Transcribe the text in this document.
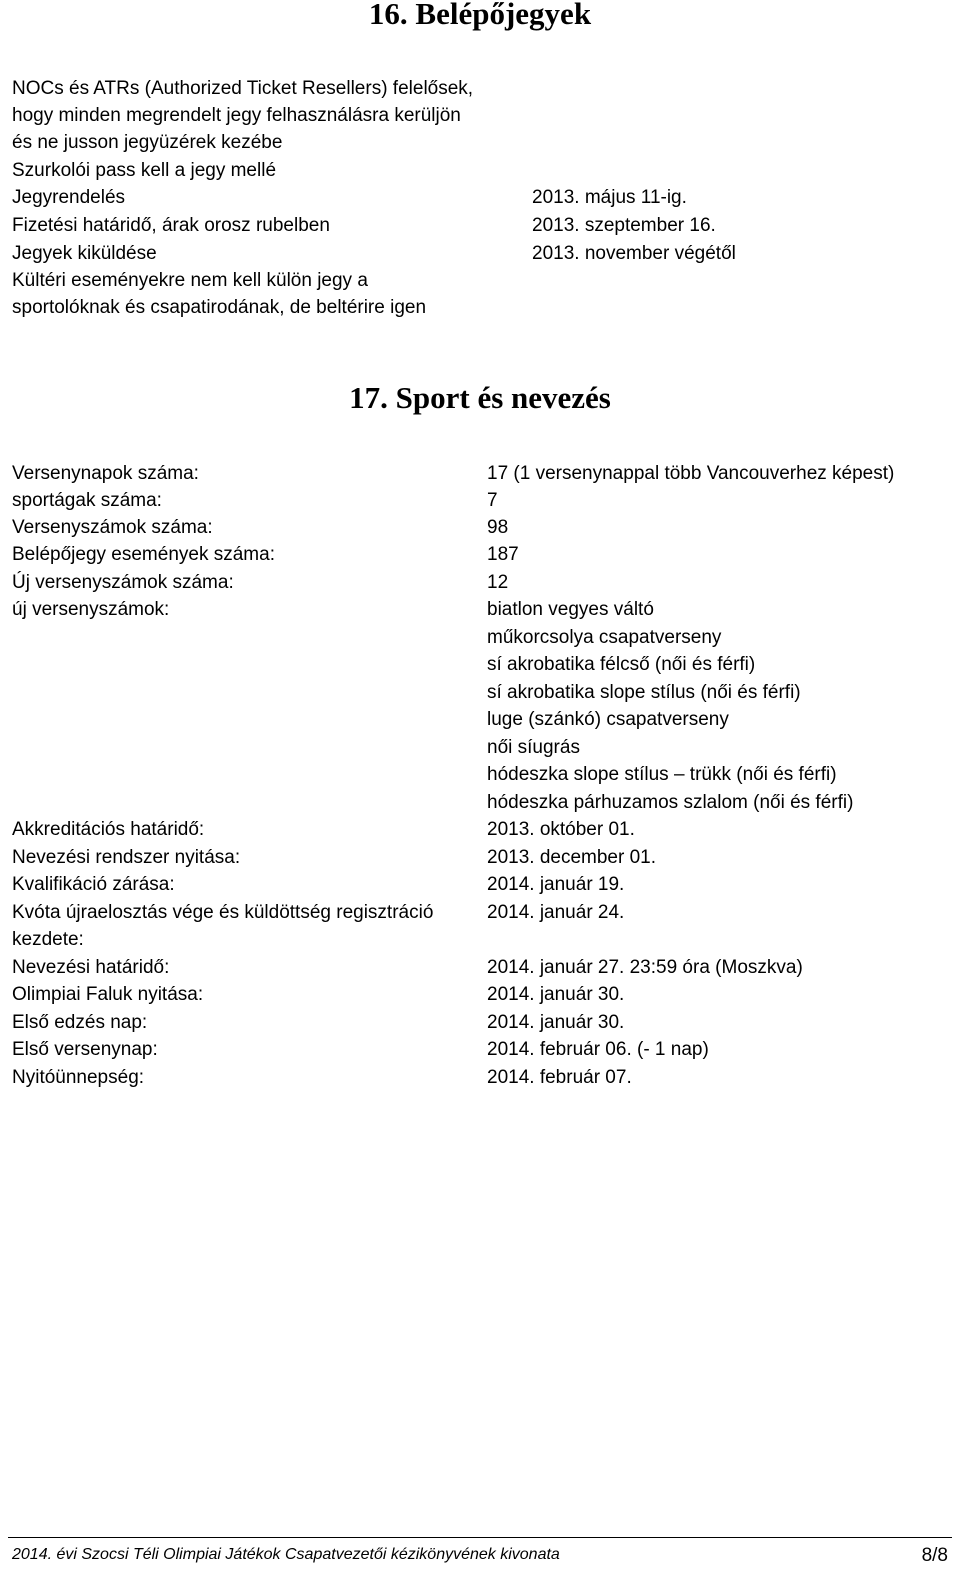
16. Belépőjegyek
NOCs és ATRs (Authorized Ticket Resellers) felelősek,
hogy minden megrendelt jegy felhasználásra kerüljön
és ne jusson jegyüzérek kezébe
Szurkolói pass kell a jegy mellé
Jegyrendelés	2013. május 11-ig.
Fizetési határidő, árak orosz rubelben	2013. szeptember 16.
Jegyek kiküldése	2013. november végétől
Kültéri eseményekre nem kell külön jegy a
sportolóknak és csapatirodának, de beltérire igen
17. Sport és nevezés
Versenynapok száma:	17 (1 versenynappal több Vancouverhez képest)
sportágak száma:	7
Versenyszámok száma:	98
Belépőjegy események száma:	187
Új versenyszámok száma:	12
új versenyszámok:	biatlon vegyes váltó
műkorcsolya csapatverseny
sí akrobatika félcső (női és férfi)
sí akrobatika slope stílus (női és férfi)
luge (szánkó) csapatverseny
női síugrás
hódeszka slope stílus – trükk (női és férfi)
hódeszka párhuzamos szlalom (női és férfi)
Akkreditációs határidő:	2013. október 01.
Nevezési rendszer nyitása:	2013. december 01.
Kvalifikáció zárása:	2014. január 19.
Kvóta újraelosztás vége és küldöttség regisztráció	2014. január 24.
kezdete:
Nevezési határidő:	2014. január 27. 23:59 óra (Moszkva)
Olimpiai Faluk nyitása:	2014. január 30.
Első edzés nap:	2014. január 30.
Első versenynap:	2014. február 06. (- 1 nap)
Nyitóünnepség:	2014. február 07.
2014. évi Szocsi Téli Olimpiai Játékok Csapatvezetői kézikönyvének kivonata	8/8
